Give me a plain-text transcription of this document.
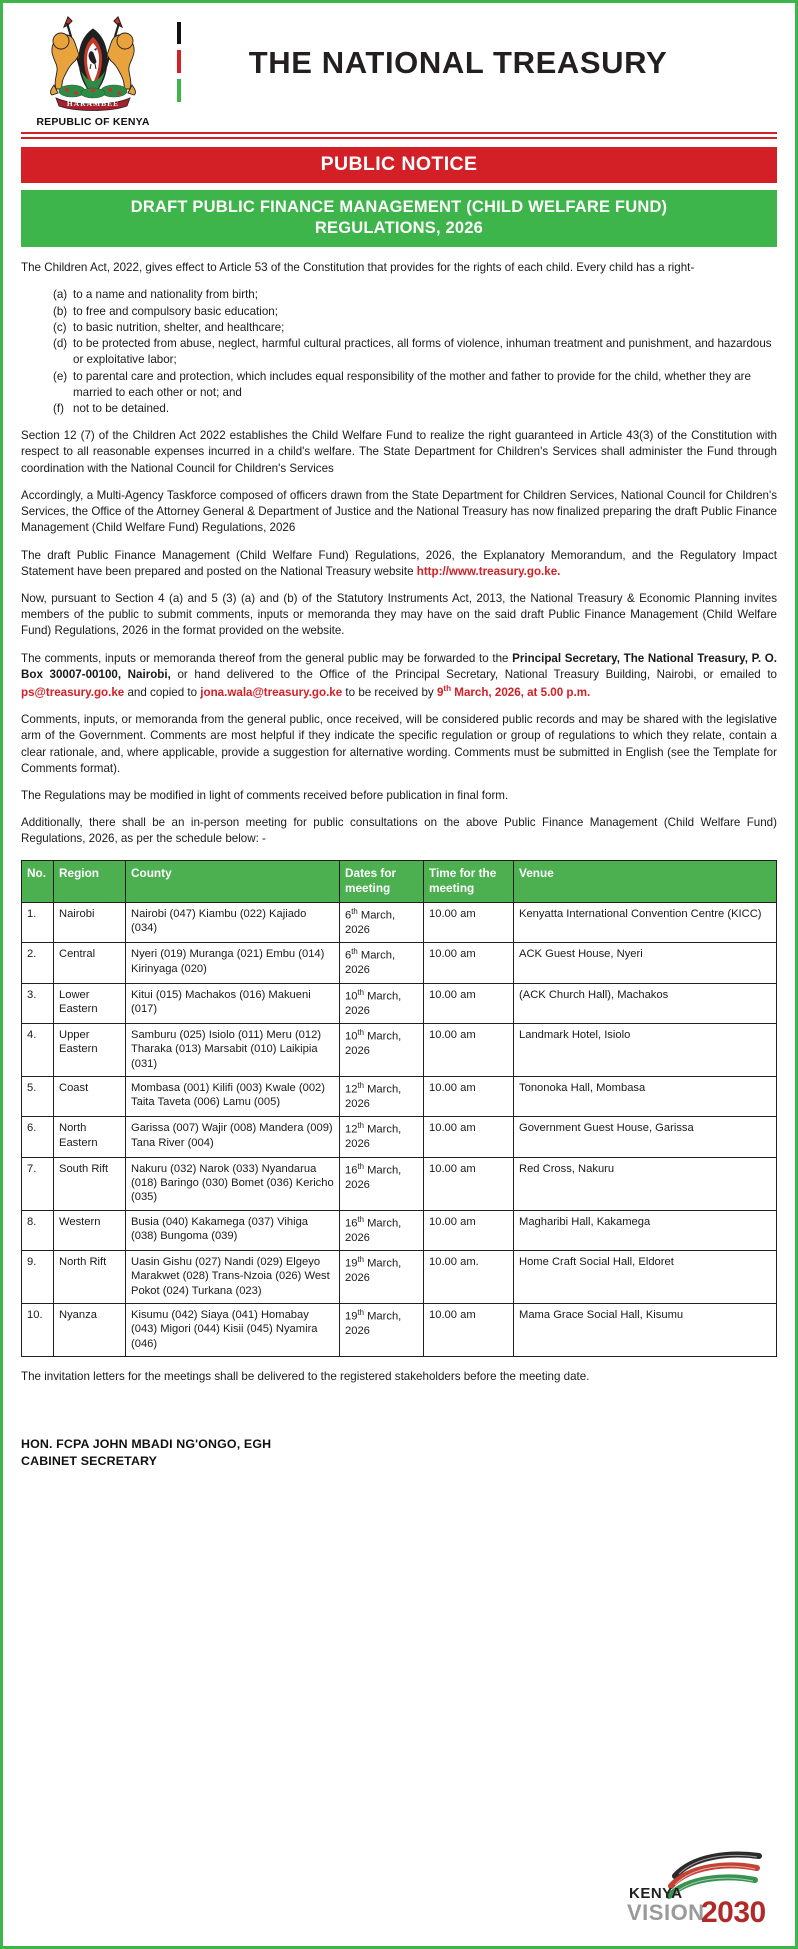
HARAMBEE
REPUBLIC OF KENYA
THE NATIONAL TREASURY
PUBLIC NOTICE
DRAFT PUBLIC FINANCE MANAGEMENT (CHILD WELFARE FUND)
REGULATIONS, 2026

The Children Act, 2022, gives effect to Article 53 of the Constitution that provides for the rights of each child. Every child has a right-

(a) to a name and nationality from birth;
(b) to free and compulsory basic education;
(c) to basic nutrition, shelter, and healthcare;
(d) to be protected from abuse, neglect, harmful cultural practices, all forms of violence, inhuman treatment and punishment, and hazardous or exploitative labor;
(e) to parental care and protection, which includes equal responsibility of the mother and father to provide for the child, whether they are married to each other or not; and
(f) not to be detained.

Section 12 (7) of the Children Act 2022 establishes the Child Welfare Fund to realize the right guaranteed in Article 43(3) of the Constitution with respect to all reasonable expenses incurred in a child's welfare. The State Department for Children's Services shall administer the Fund through coordination with the National Council for Children's Services

Accordingly, a Multi-Agency Taskforce composed of officers drawn from the State Department for Children Services, National Council for Children's Services, the Office of the Attorney General & Department of Justice and the National Treasury has now finalized preparing the draft Public Finance Management (Child Welfare Fund) Regulations, 2026

The draft Public Finance Management (Child Welfare Fund) Regulations, 2026, the Explanatory Memorandum, and the Regulatory Impact Statement have been prepared and posted on the National Treasury website http://www.treasury.go.ke.

Now, pursuant to Section 4 (a) and 5 (3) (a) and (b) of the Statutory Instruments Act, 2013, the National Treasury & Economic Planning invites members of the public to submit comments, inputs or memoranda they may have on the said draft Public Finance Management (Child Welfare Fund) Regulations, 2026 in the format provided on the website.

The comments, inputs or memoranda thereof from the general public may be forwarded to the Principal Secretary, The National Treasury, P. O. Box 30007-00100, Nairobi, or hand delivered to the Office of the Principal Secretary, National Treasury Building, Nairobi, or emailed to ps@treasury.go.ke and copied to jona.wala@treasury.go.ke to be received by 9th March, 2026, at 5.00 p.m.

Comments, inputs, or memoranda from the general public, once received, will be considered public records and may be shared with the legislative arm of the Government. Comments are most helpful if they indicate the specific regulation or group of regulations to which they relate, contain a clear rationale, and, where applicable, provide a suggestion for alternative wording. Comments must be submitted in English (see the Template for Comments format).

The Regulations may be modified in light of comments received before publication in final form.

Additionally, there shall be an in-person meeting for public consultations on the above Public Finance Management (Child Welfare Fund) Regulations, 2026, as per the schedule below: -

No.	Region	County	Dates for meeting	Time for the meeting	Venue
1.	Nairobi	Nairobi (047) Kiambu (022) Kajiado (034)	6th March, 2026	10.00 am	Kenyatta International Convention Centre (KICC)
2.	Central	Nyeri (019) Muranga (021) Embu (014) Kirinyaga (020)	6th March, 2026	10.00 am	ACK Guest House, Nyeri
3.	Lower Eastern	Kitui (015) Machakos (016) Makueni (017)	10th March, 2026	10.00 am	(ACK Church Hall), Machakos
4.	Upper Eastern	Samburu (025) Isiolo (011) Meru (012) Tharaka (013) Marsabit (010) Laikipia (031)	10th March, 2026	10.00 am	Landmark Hotel, Isiolo
5.	Coast	Mombasa (001) Kilifi (003) Kwale (002) Taita Taveta (006) Lamu (005)	12th March, 2026	10.00 am	Tononoka Hall, Mombasa
6.	North Eastern	Garissa (007) Wajir (008) Mandera (009) Tana River (004)	12th March, 2026	10.00 am	Government Guest House, Garissa
7.	South Rift	Nakuru (032) Narok (033) Nyandarua (018) Baringo (030) Bomet (036) Kericho (035)	16th March, 2026	10.00 am	Red Cross, Nakuru
8.	Western	Busia (040) Kakamega (037) Vihiga (038) Bungoma (039)	16th March, 2026	10.00 am	Magharibi Hall, Kakamega
9.	North Rift	Uasin Gishu (027) Nandi (029) Elgeyo Marakwet (028) Trans-Nzoia (026) West Pokot (024) Turkana (023)	19th March, 2026	10.00 am.	Home Craft Social Hall, Eldoret
10.	Nyanza	Kisumu (042) Siaya (041) Homabay (043) Migori (044) Kisii (045) Nyamira (046)	19th March, 2026	10.00 am	Mama Grace Social Hall, Kisumu

The invitation letters for the meetings shall be delivered to the registered stakeholders before the meeting date.

HON. FCPA JOHN MBADI NG'ONGO, EGH
CABINET SECRETARY
KENYA
VISION
2030
